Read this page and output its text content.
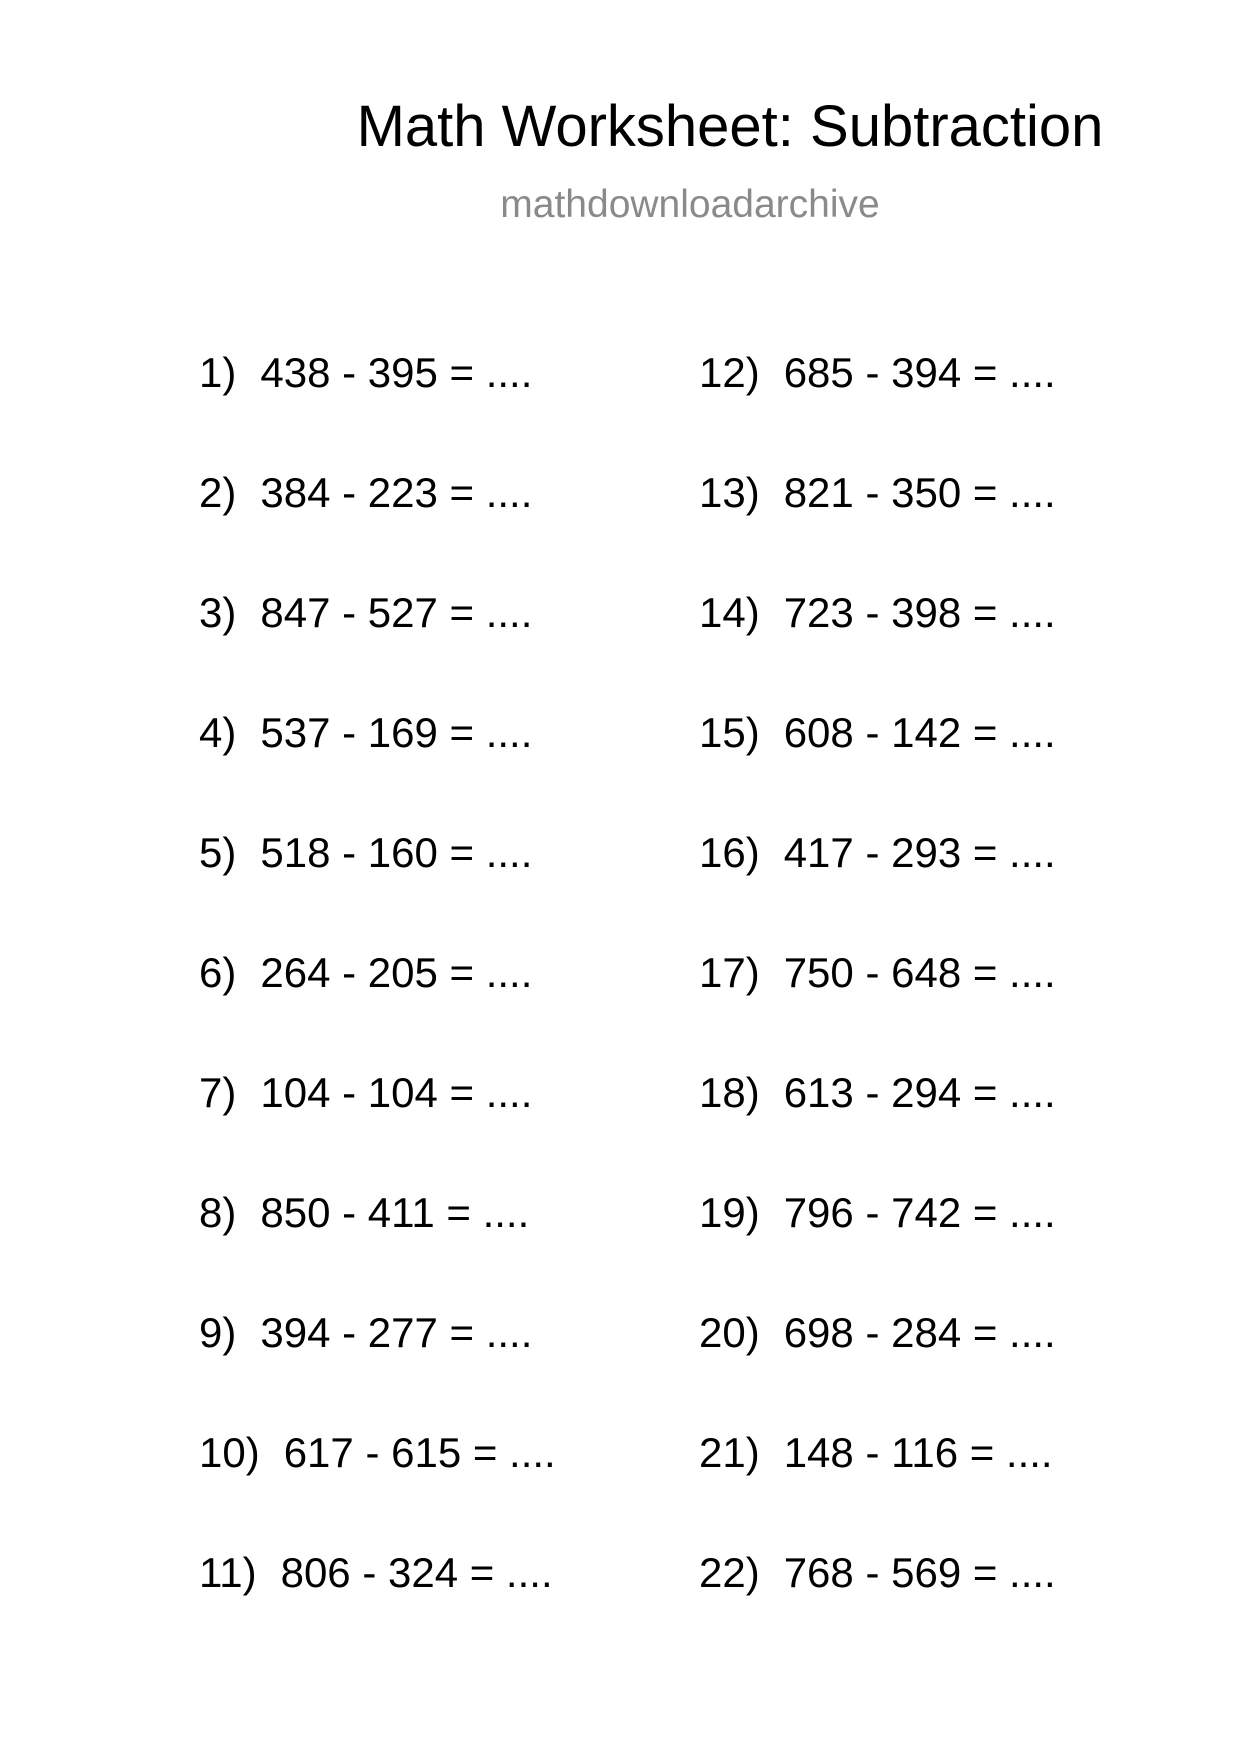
Math Worksheet: Subtraction
mathdownloadarchive
1) 438 - 395 = ....
2) 384 - 223 = ....
3) 847 - 527 = ....
4) 537 - 169 = ....
5) 518 - 160 = ....
6) 264 - 205 = ....
7) 104 - 104 = ....
8) 850 - 411 = ....
9) 394 - 277 = ....
10) 617 - 615 = ....
11) 806 - 324 = ....
12) 685 - 394 = ....
13) 821 - 350 = ....
14) 723 - 398 = ....
15) 608 - 142 = ....
16) 417 - 293 = ....
17) 750 - 648 = ....
18) 613 - 294 = ....
19) 796 - 742 = ....
20) 698 - 284 = ....
21) 148 - 116 = ....
22) 768 - 569 = ....
